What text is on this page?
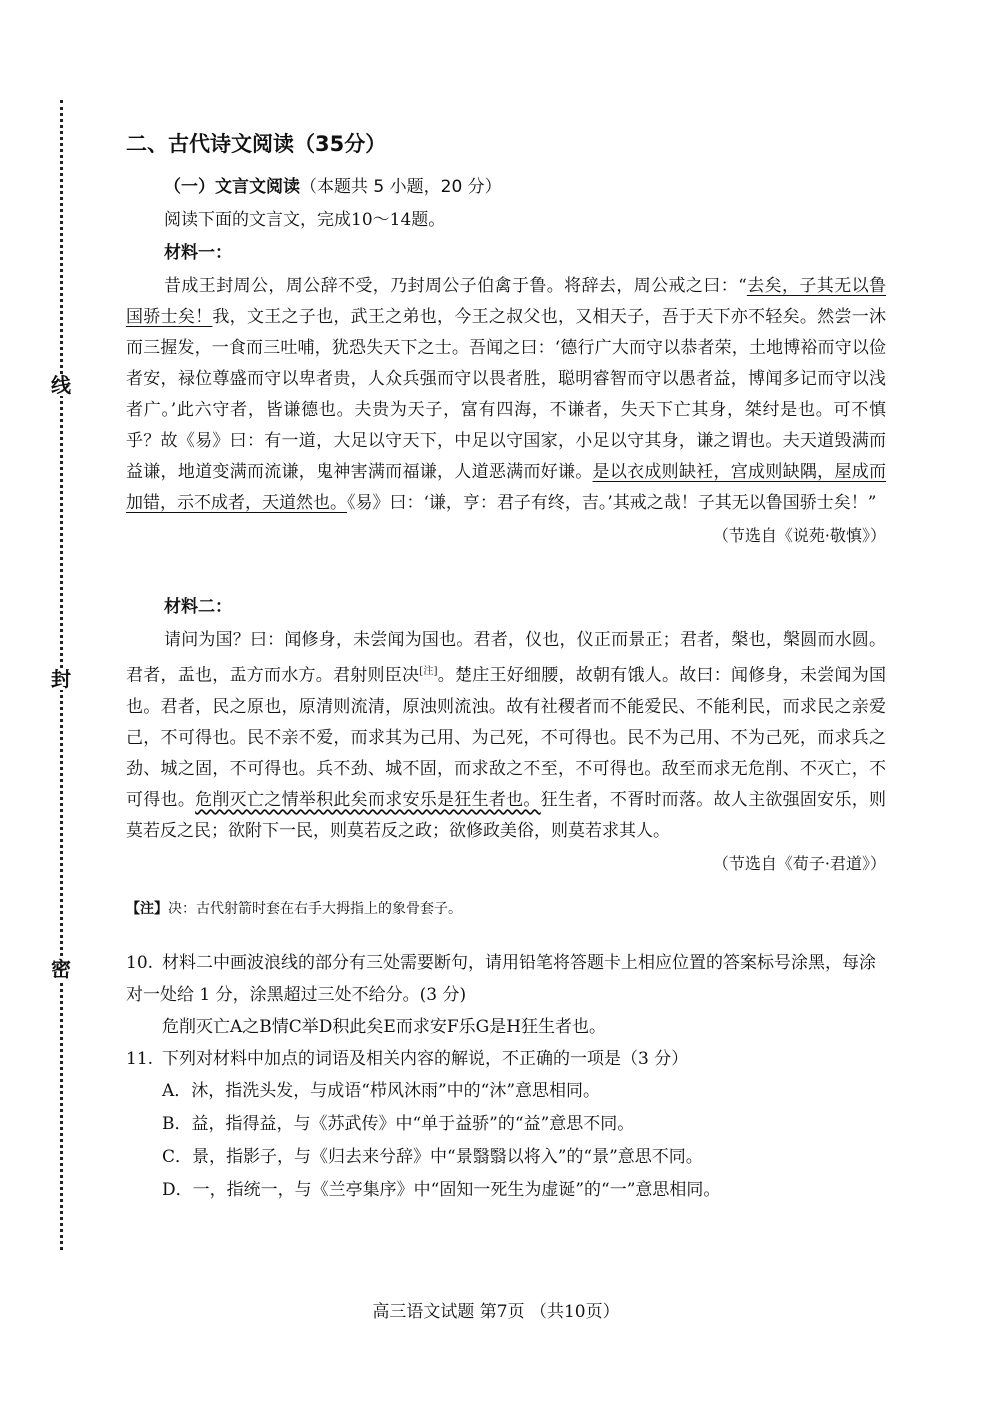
线
封
密
二、古代诗文阅读（35分）
（一）文言文阅读（本题共 5 小题，20 分）
阅读下面的文言文，完成10～14题。
材料一：

昔成王封周公，周公辞不受，乃封周公子伯禽于鲁。将辞去，周公戒之曰：“去矣，子其无以鲁国骄士矣！我，文王之子也，武王之弟也，今王之叔父也，又相天子，吾于天下亦不轻矣。然尝一沐而三握发，一食而三吐哺，犹恐失天下之士。吾闻之曰：‘德行广大而守以恭者荣，土地博裕而守以俭者安，禄位尊盛而守以卑者贵，人众兵强而守以畏者胜，聪明睿智而守以愚者益，博闻多记而守以浅者广。’此六守者，皆谦德也。夫贵为天子，富有四海，不谦者，失天下亡其身，桀纣是也。可不慎乎？故《易》曰：有一道，大足以守天下，中足以守国家，小足以守其身，谦之谓也。夫天道毁满而益谦，地道变满而流谦，鬼神害满而福谦，人道恶满而好谦。是以衣成则缺衽，宫成则缺隅，屋成而加错，示不成者，天道然也。《易》曰：‘谦，亨：君子有终，吉。’其戒之哉！子其无以鲁国骄士矣！”

（节选自《说苑·敬慎》）
材料二：

请问为国？曰：闻修身，未尝闻为国也。君者，仪也，仪正而景正；君者，槃也，槃圆而水圆。君者，盂也，盂方而水方。君射则臣决[注]。楚庄王好细腰，故朝有饿人。故曰：闻修身，未尝闻为国也。君者，民之原也，原清则流清，原浊则流浊。故有社稷者而不能爱民、不能利民，而求民之亲爱己，不可得也。民不亲不爱，而求其为己用、为己死，不可得也。民不为己用、不为己死，而求兵之劲、城之固，不可得也。兵不劲、城不固，而求敌之不至，不可得也。敌至而求无危削、不灭亡，不可得也。危削灭亡之情举积此矣而求安乐是狂生者也。狂生者，不胥时而落。故人主欲强固安乐，则莫若反之民；欲附下一民，则莫若反之政；欲修政美俗，则莫若求其人。

（节选自《荀子·君道》）
【注】决：古代射箭时套在右手大拇指上的象骨套子。
10. 材料二中画波浪线的部分有三处需要断句，请用铅笔将答题卡上相应位置的答案标号涂黑，每涂对一处给 1 分，涂黑超过三处不给分。(3 分)
危削灭亡A之B情C举D积此矣E而求安F乐G是H狂生者也。
11. 下列对材料中加点的词语及相关内容的解说，不正确的一项是（3 分）
A．沐，指洗头发，与成语“栉风沐雨”中的“沐”意思相同。
B．益，指得益，与《苏武传》中“单于益骄”的“益”意思不同。
C．景，指影子，与《归去来兮辞》中“景翳翳以将入”的“景”意思不同。
D．一，指统一，与《兰亭集序》中“固知一死生为虚诞”的“一”意思相同。
高三语文试题 第7页 （共10页）
